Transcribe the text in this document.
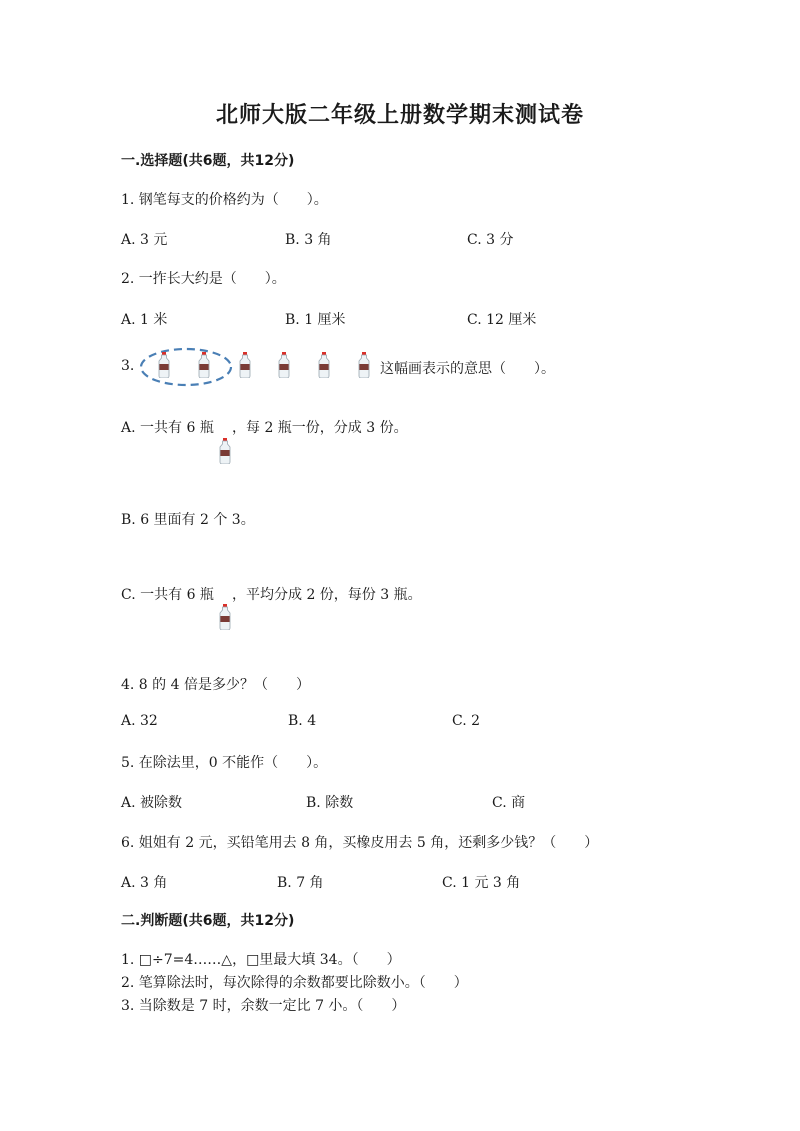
北师大版二年级上册数学期末测试卷
一.选择题(共6题，共12分)
1. 钢笔每支的价格约为（　　）。
A. 3 元	B. 3 角	C. 3 分
2. 一拃长大约是（　　）。
A. 1 米	B. 1 厘米	C. 12 厘米
3.	这幅画表示的意思（　　）。
A. 一共有 6 瓶 ，每 2 瓶一份，分成 3 份。
B. 6 里面有 2 个 3。
C. 一共有 6 瓶 ，平均分成 2 份，每份 3 瓶。
4. 8 的 4 倍是多少？（　　）
A. 32	B. 4	C. 2
5. 在除法里，0 不能作（　　）。
A. 被除数	B. 除数	C. 商
6. 姐姐有 2 元，买铅笔用去 8 角，买橡皮用去 5 角，还剩多少钱？（　　）
A. 3 角	B. 7 角	C. 1 元 3 角
二.判断题(共6题，共12分)
1. □÷7=4……△，□里最大填 34。（　　）
2. 笔算除法时，每次除得的余数都要比除数小。（　　）
3. 当除数是 7 时，余数一定比 7 小。（　　）
